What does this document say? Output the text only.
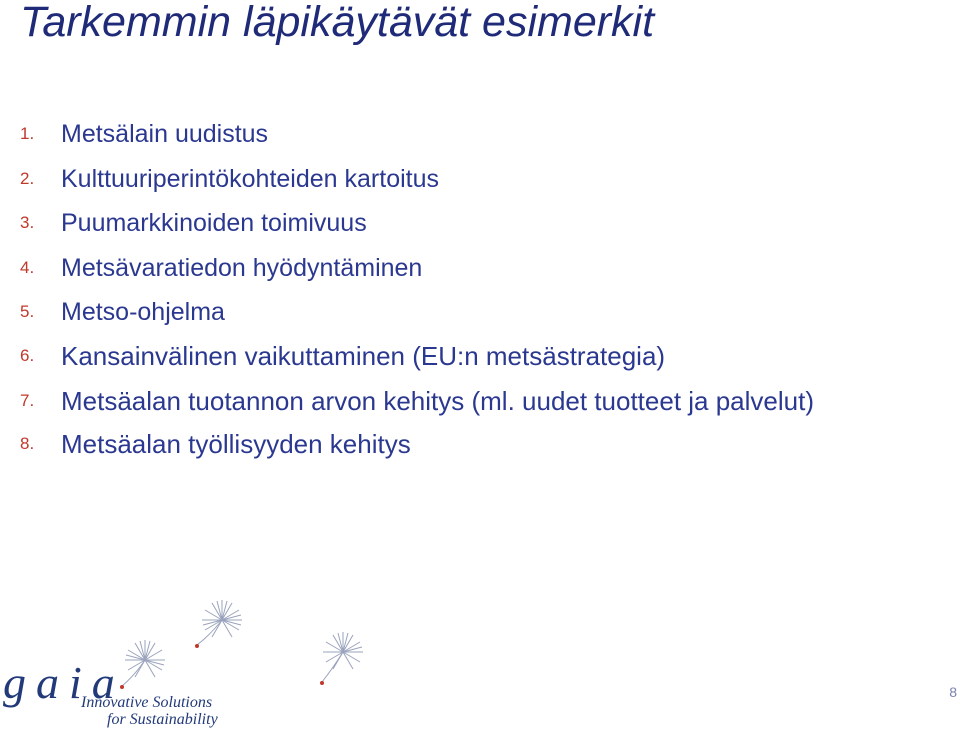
Tarkemmin läpikäytävät esimerkit
1. Metsälain uudistus
2. Kulttuuriperintökohteiden kartoitus
3. Puumarkkinoiden toimivuus
4. Metsävaratiedon hyödyntäminen
5. Metso-ohjelma
6. Kansainvälinen vaikuttaminen (EU:n metsästrategia)
7. Metsäalan tuotannon arvon kehitys (ml. uudet tuotteet ja palvelut)
8. Metsäalan työllisyyden kehitys
gaia
Innovative Solutions
for Sustainability
8
